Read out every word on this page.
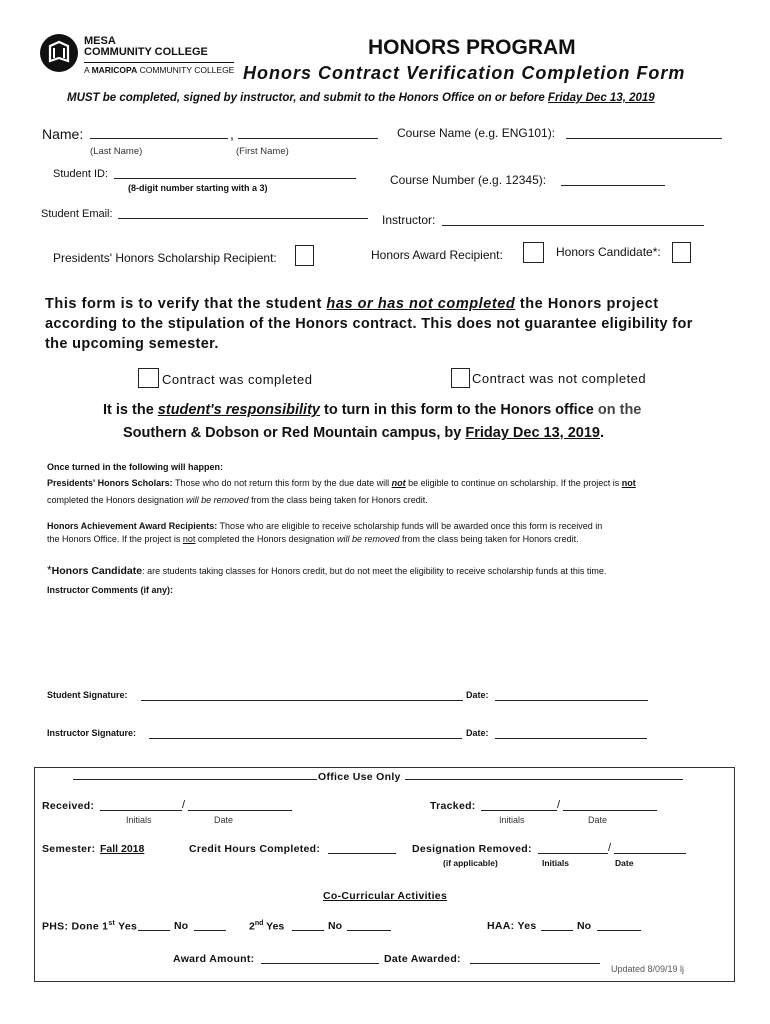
MESA
COMMUNITY COLLEGE
A MARICOPA COMMUNITY COLLEGE
HONORS PROGRAM
Honors Contract Verification Completion Form
MUST be completed, signed by instructor, and submit to the Honors Office on or before Friday Dec 13, 2019
Name:	,
(Last Name)	(First Name)
Course Name (e.g. ENG101):
Student ID:
(8-digit number starting with a 3)
Course Number (e.g. 12345):
Student Email:	Instructor:
Presidents' Honors Scholarship Recipient:	Honors Award Recipient:	Honors Candidate*:
This form is to verify that the student has or has not completed the Honors project
according to the stipulation of the Honors contract. This does not guarantee eligibility for
the upcoming semester.
Contract was completed	Contract was not completed
It is the student's responsibility to turn in this form to the Honors office on the
Southern & Dobson or Red Mountain campus, by Friday Dec 13, 2019.
Once turned in the following will happen:
Presidents' Honors Scholars: Those who do not return this form by the due date will not be eligible to continue on scholarship. If the project is not
completed the Honors designation will be removed from the class being taken for Honors credit.
Honors Achievement Award Recipients: Those who are eligible to receive scholarship funds will be awarded once this form is received in
the Honors Office. If the project is not completed the Honors designation will be removed from the class being taken for Honors credit.
*Honors Candidate: are students taking classes for Honors credit, but do not meet the eligibility to receive scholarship funds at this time.
Instructor Comments (if any):
Student Signature:	Date:
Instructor Signature:	Date:
Office Use Only
Received:	/
Initials	Date
Tracked:	/
Initials	Date
Semester: Fall 2018	Credit Hours Completed:	Designation Removed:	/
(if applicable)	Initials	Date
Co-Curricular Activities
PHS: Done 1st Yes	No	2nd Yes	No	HAA: Yes	No
Award Amount:	Date Awarded:
Updated 8/09/19 lj
